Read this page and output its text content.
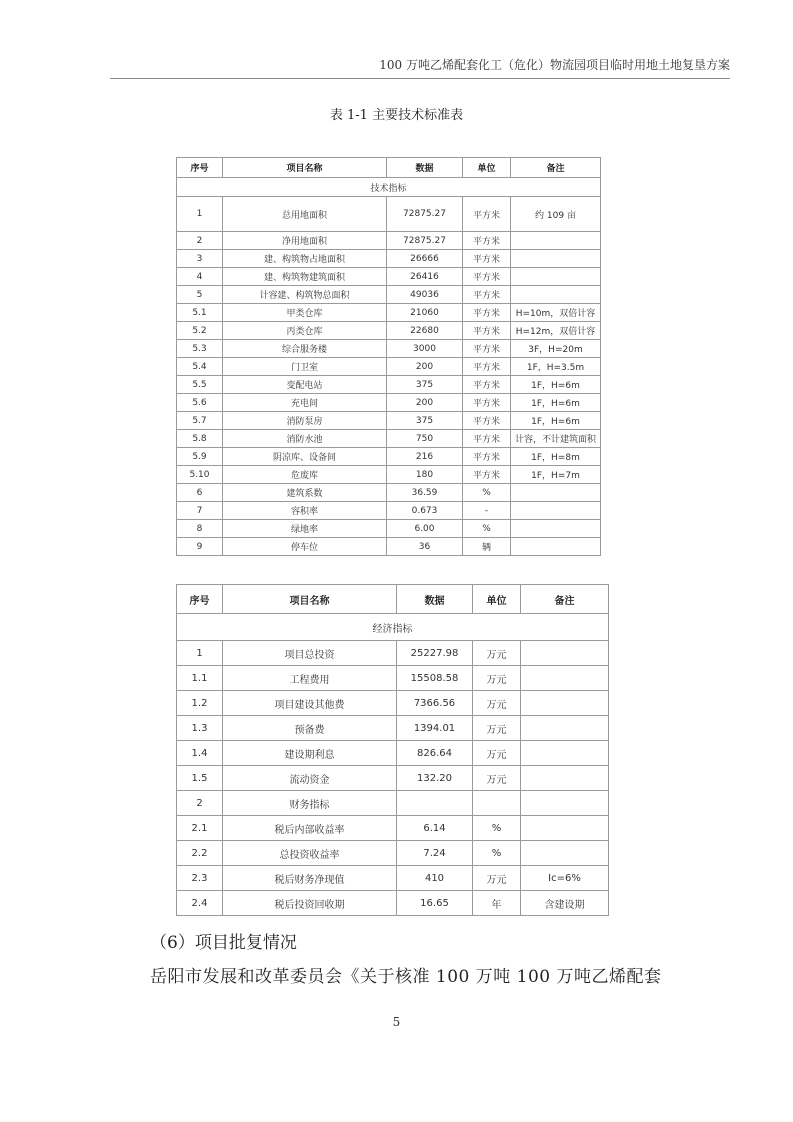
100 万吨乙烯配套化工（危化）物流园项目临时用地土地复垦方案
表 1-1 主要技术标准表
序号	项目名称	数据	单位	备注
技术指标				
1	总用地面积	72875.27	平方米	约 109 亩
2	净用地面积	72875.27	平方米	
3	建、构筑物占地面积	26666	平方米	
4	建、构筑物建筑面积	26416	平方米	
5	计容建、构筑物总面积	49036	平方米	
5.1	甲类仓库	21060	平方米	H=10m，双倍计容
5.2	丙类仓库	22680	平方米	H=12m，双倍计容
5.3	综合服务楼	3000	平方米	3F，H=20m
5.4	门卫室	200	平方米	1F，H=3.5m
5.5	变配电站	375	平方米	1F，H=6m
5.6	充电间	200	平方米	1F，H=6m
5.7	消防泵房	375	平方米	1F，H=6m
5.8	消防水池	750	平方米	计容，不计建筑面积
5.9	阴凉库、设备间	216	平方米	1F，H=8m
5.10	危废库	180	平方米	1F，H=7m
6	建筑系数	36.59	%	
7	容积率	0.673	-	
8	绿地率	6.00	%	
9	停车位	36	辆	
序号	项目名称	数据	单位	备注
经济指标				
1	项目总投资	25227.98	万元	
1.1	工程费用	15508.58	万元	
1.2	项目建设其他费	7366.56	万元	
1.3	预备费	1394.01	万元	
1.4	建设期利息	826.64	万元	
1.5	流动资金	132.20	万元	
2	财务指标			
2.1	税后内部收益率	6.14	%	
2.2	总投资收益率	7.24	%	
2.3	税后财务净现值	410	万元	Ic=6%
2.4	税后投资回收期	16.65	年	含建设期
（6）项目批复情况
岳阳市发展和改革委员会《关于核准 100 万吨 100 万吨乙烯配套
5
